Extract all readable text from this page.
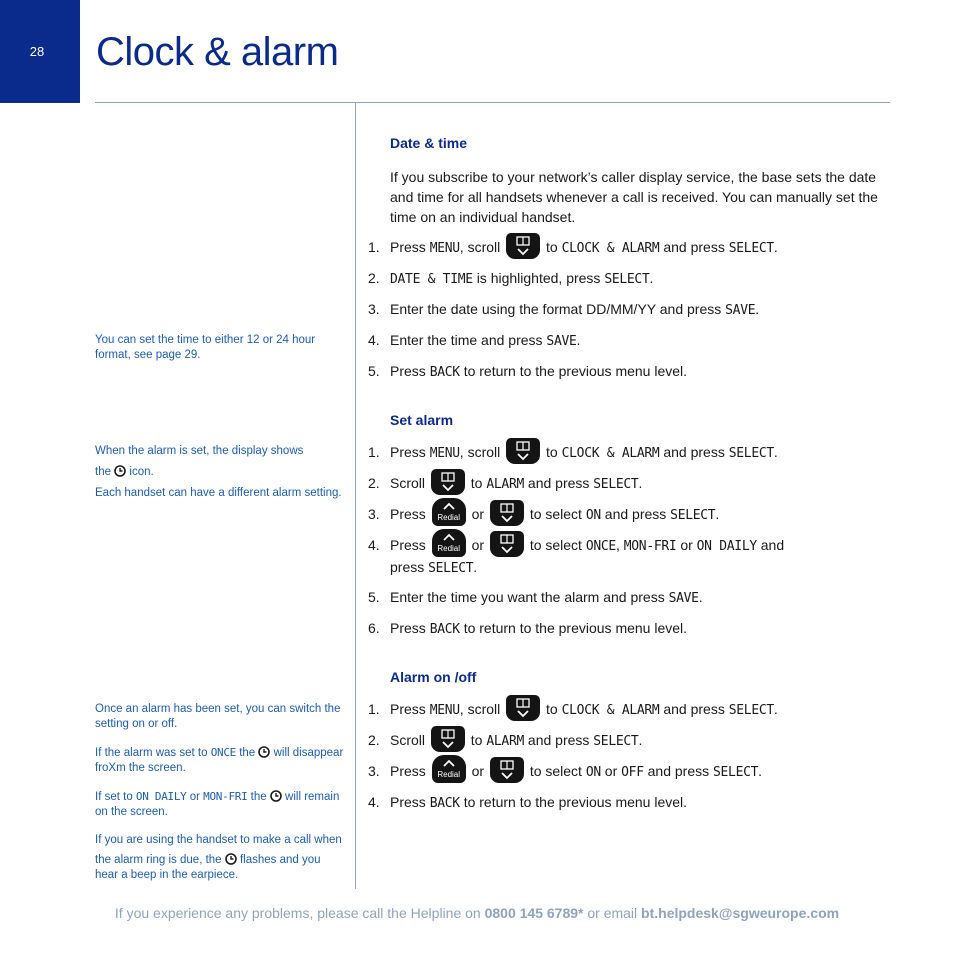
28 Clock & alarm

You can set the time to either 12 or 24 hour format, see page 29.

When the alarm is set, the display shows

the icon.

Each handset can have a different alarm setting.

Once an alarm has been set, you can switch the setting on or off.

If the alarm was set to ONCE the will disappear froXm the screen.

If set to ON DAILY or MON-FRI the will remain on the screen.

If you are using the handset to make a call when

the alarm ring is due, the flashes and you hear a beep in the earpiece.

Date & time

If you subscribe to your network’s caller display service, the base sets the date and time for all handsets whenever a call is received. You can manually set the time on an individual handset.

1. Press MENU, scroll	to CLOCK & ALARM and press SELECT.
2. DATE & TIME is highlighted, press SELECT.
3. Enter the date using the format DD/MM/YY and press SAVE.
4. Enter the time and press SAVE.
5. Press BACK to return to the previous menu level.
Set alarm
1. Press MENU, scroll	to CLOCK & ALARM and press SELECT.
2. Scroll	to ALARM and press SELECT.
3. Press	Redial or	to select ON and press SELECT.
4. Press	Redial or	to select ONCE, MON-FRI or ON DAILY and
press SELECT.
5. Enter the time you want the alarm and press SAVE.
6. Press BACK to return to the previous menu level.
Alarm on /off
1. Press MENU, scroll	to CLOCK & ALARM and press SELECT.
2. Scroll	to ALARM and press SELECT.
3. Press	Redial or	to select ON or OFF and press SELECT.
4. Press BACK to return to the previous menu level.
If you experience any problems, please call the Helpline on 0800 145 6789* or email bt.helpdesk@sgweurope.com
